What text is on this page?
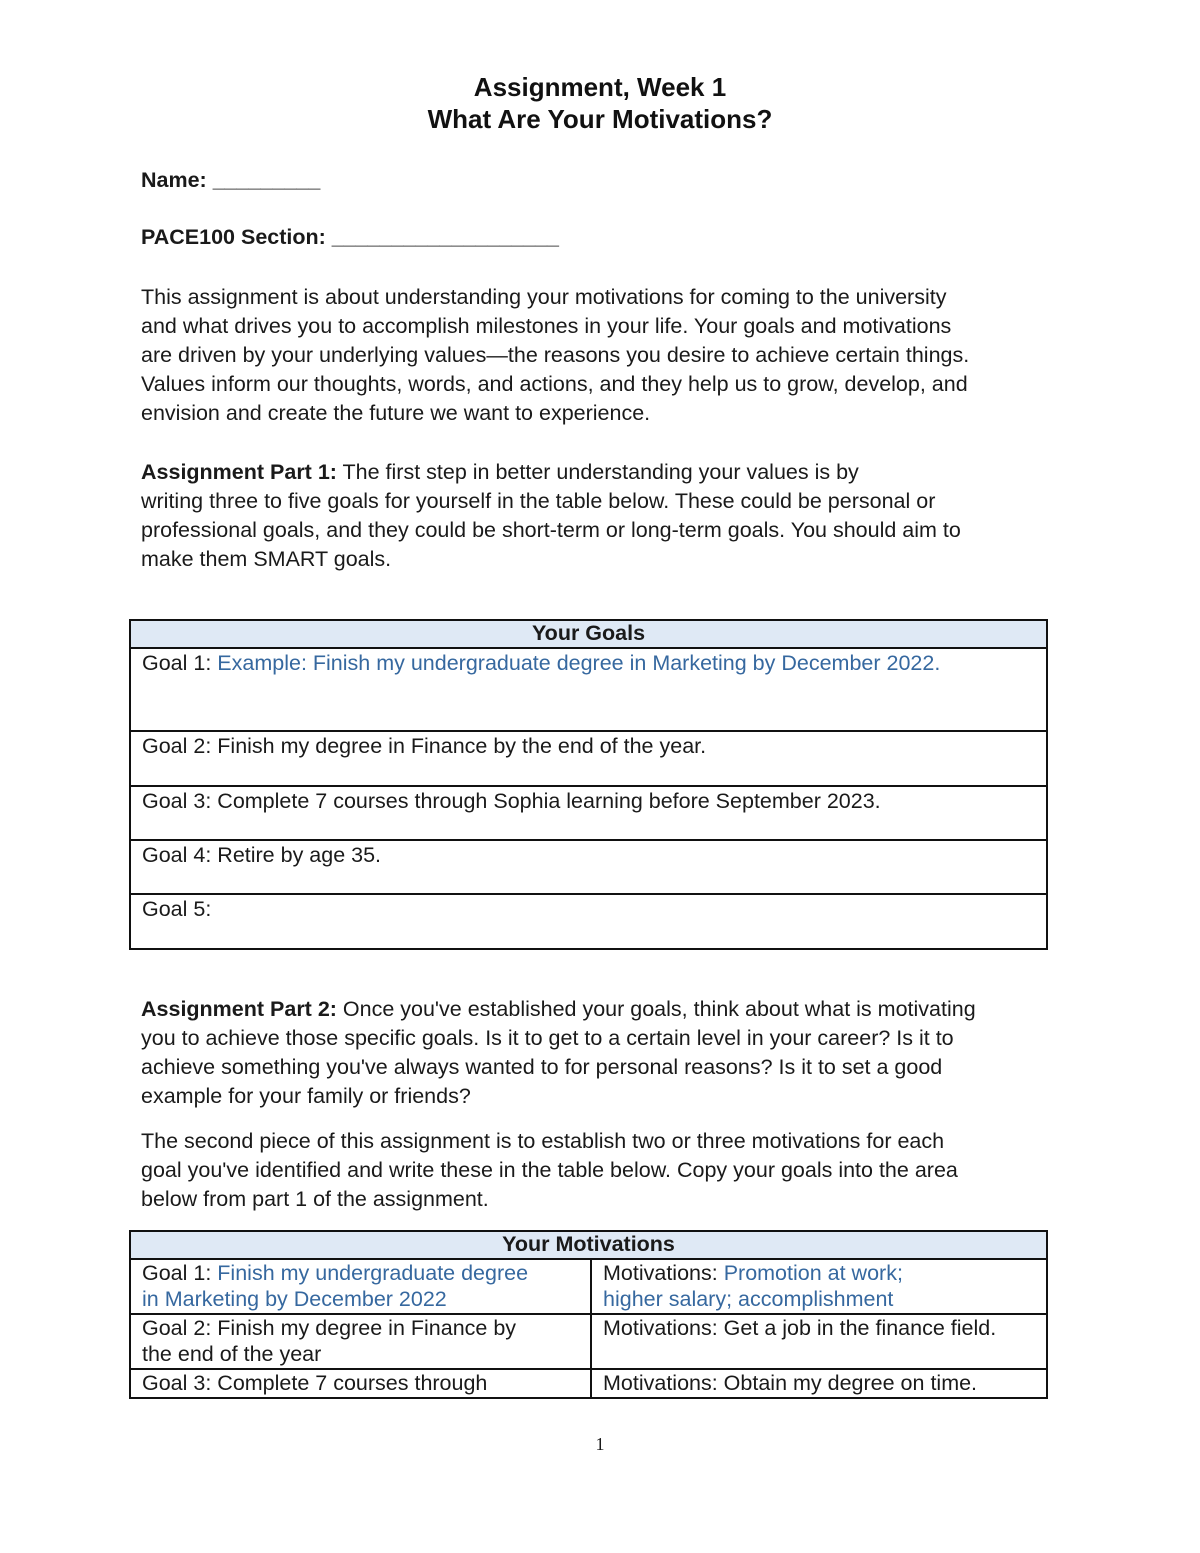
Assignment, Week 1
What Are Your Motivations?
Name: _________
PACE100 Section: ___________________
This assignment is about understanding your motivations for coming to the university
and what drives you to accomplish milestones in your life. Your goals and motivations
are driven by your underlying values—the reasons you desire to achieve certain things.
Values inform our thoughts, words, and actions, and they help us to grow, develop, and
envision and create the future we want to experience.
Assignment Part 1: The first step in better understanding your values is by
writing three to five goals for yourself in the table below. These could be personal or
professional goals, and they could be short-term or long-term goals. You should aim to
make them SMART goals.
Your Goals
Goal 1: Example: Finish my undergraduate degree in Marketing by December 2022.
Goal 2: Finish my degree in Finance by the end of the year.
Goal 3: Complete 7 courses through Sophia learning before September 2023.
Goal 4: Retire by age 35.
Goal 5:
Assignment Part 2: Once you've established your goals, think about what is motivating
you to achieve those specific goals. Is it to get to a certain level in your career? Is it to
achieve something you've always wanted to for personal reasons? Is it to set a good
example for your family or friends?
The second piece of this assignment is to establish two or three motivations for each
goal you've identified and write these in the table below. Copy your goals into the area
below from part 1 of the assignment.
Your Motivations	
Goal 1: Finish my undergraduate degree
in Marketing by December 2022	Motivations: Promotion at work;
higher salary; accomplishment
Goal 2: Finish my degree in Finance by
the end of the year	Motivations: Get a job in the finance field.
Goal 3: Complete 7 courses through	Motivations: Obtain my degree on time.
1
